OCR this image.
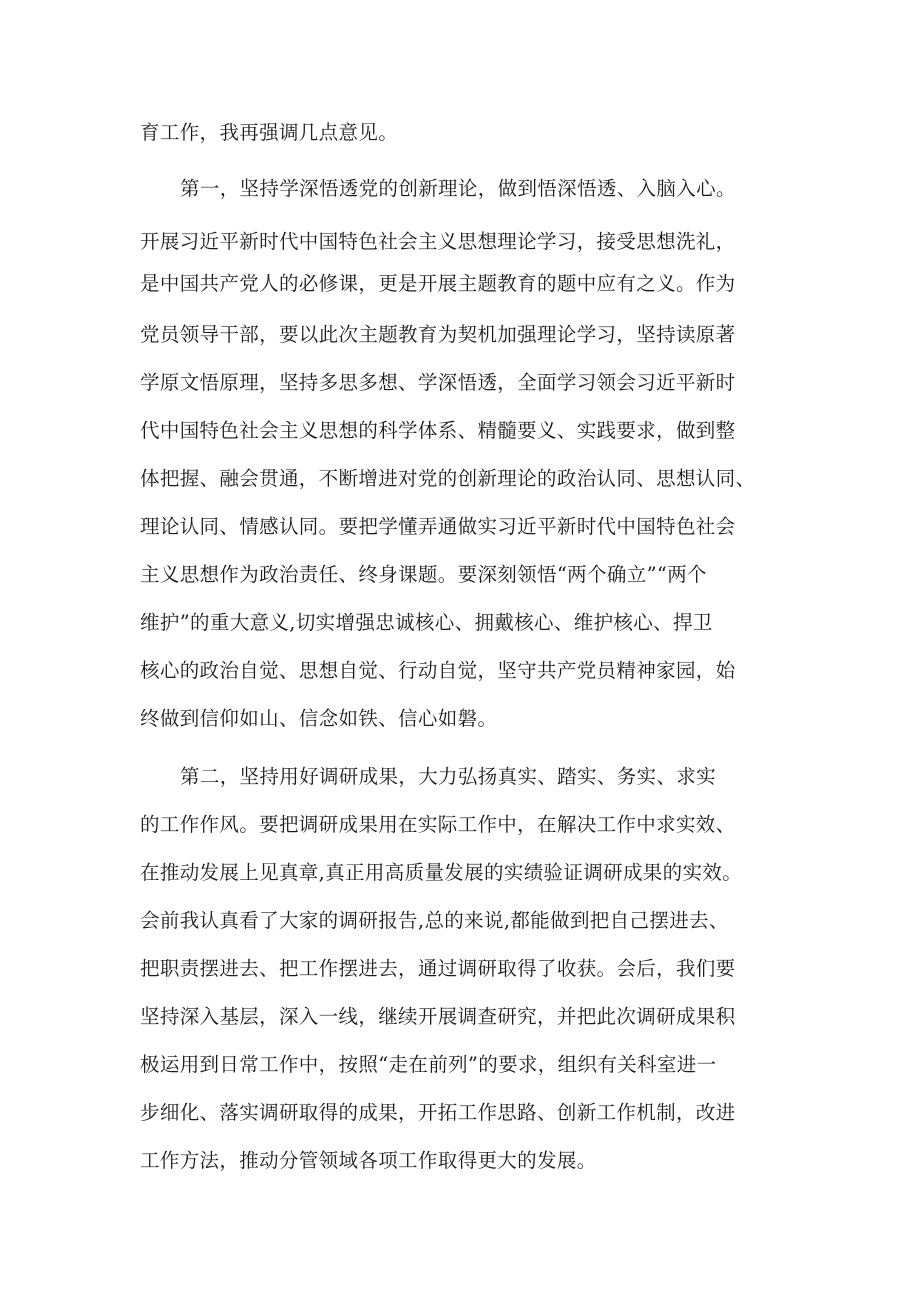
育工作，我再强调几点意见。

第一，坚持学深悟透党的创新理论，做到悟深悟透、入脑入心。

开展习近平新时代中国特色社会主义思想理论学习，接受思想洗礼，

是中国共产党人的必修课，更是开展主题教育的题中应有之义。作为

党员领导干部，要以此次主题教育为契机加强理论学习，坚持读原著

学原文悟原理，坚持多思多想、学深悟透，全面学习领会习近平新时

代中国特色社会主义思想的科学体系、精髓要义、实践要求，做到整

体把握、融会贯通，不断增进对党的创新理论的政治认同、思想认同、

理论认同、情感认同。要把学懂弄通做实习近平新时代中国特色社会

主义思想作为政治责任、终身课题。要深刻领悟“两个确立”“两个

维护”的重大意义,切实增强忠诚核心、拥戴核心、维护核心、捍卫

核心的政治自觉、思想自觉、行动自觉，坚守共产党员精神家园，始

终做到信仰如山、信念如铁、信心如磐。

第二，坚持用好调研成果，大力弘扬真实、踏实、务实、求实

的工作作风。要把调研成果用在实际工作中，在解决工作中求实效、

在推动发展上见真章,真正用高质量发展的实绩验证调研成果的实效。

会前我认真看了大家的调研报告,总的来说,都能做到把自己摆进去、

把职责摆进去、把工作摆进去，通过调研取得了收获。会后，我们要

坚持深入基层，深入一线，继续开展调查研究，并把此次调研成果积

极运用到日常工作中，按照“走在前列”的要求，组织有关科室进一

步细化、落实调研取得的成果，开拓工作思路、创新工作机制，改进

工作方法，推动分管领域各项工作取得更大的发展。
